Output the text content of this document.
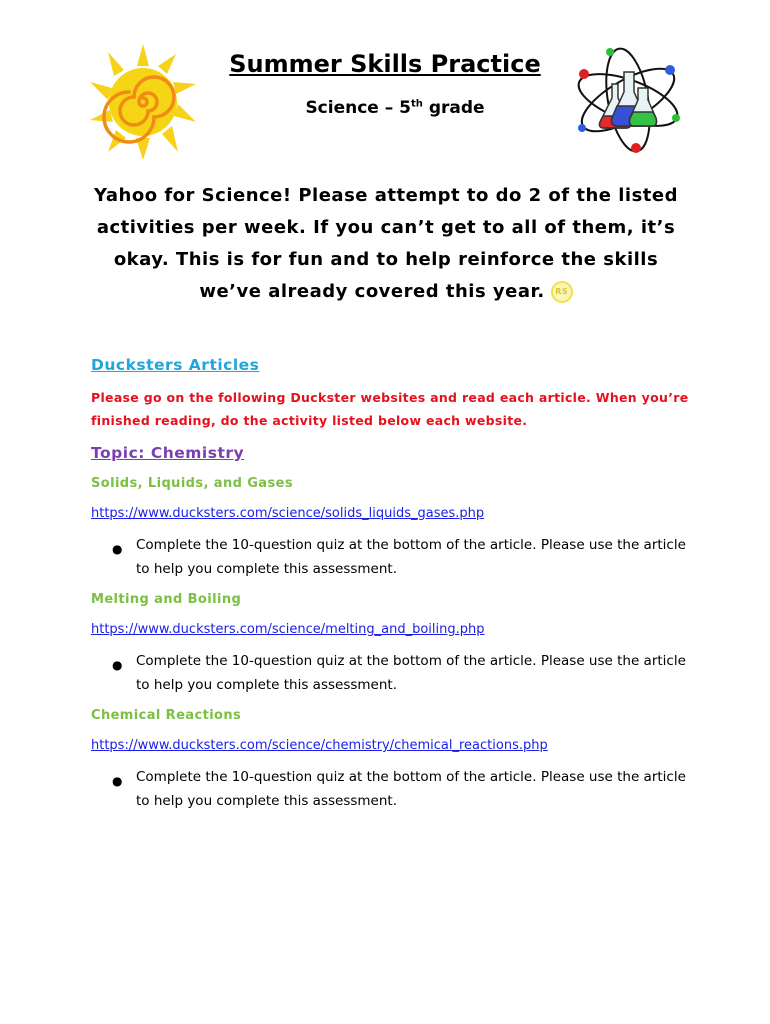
Summer Skills Practice
Science – 5th grade
Yahoo for Science! Please attempt to do 2 of the listed activities per week. If you can’t get to all of them, it’s okay. This is for fun and to help reinforce the skills we’ve already covered this year. RS
Ducksters Articles
Please go on the following Duckster websites and read each article. When you’re finished reading, do the activity listed below each website.
Topic: Chemistry
Solids, Liquids, and Gases
https://www.ducksters.com/science/solids_liquids_gases.php
● Complete the 10-question quiz at the bottom of the article. Please use the article to help you complete this assessment.
Melting and Boiling
https://www.ducksters.com/science/melting_and_boiling.php
● Complete the 10-question quiz at the bottom of the article. Please use the article to help you complete this assessment.
Chemical Reactions
https://www.ducksters.com/science/chemistry/chemical_reactions.php
● Complete the 10-question quiz at the bottom of the article. Please use the article to help you complete this assessment.
